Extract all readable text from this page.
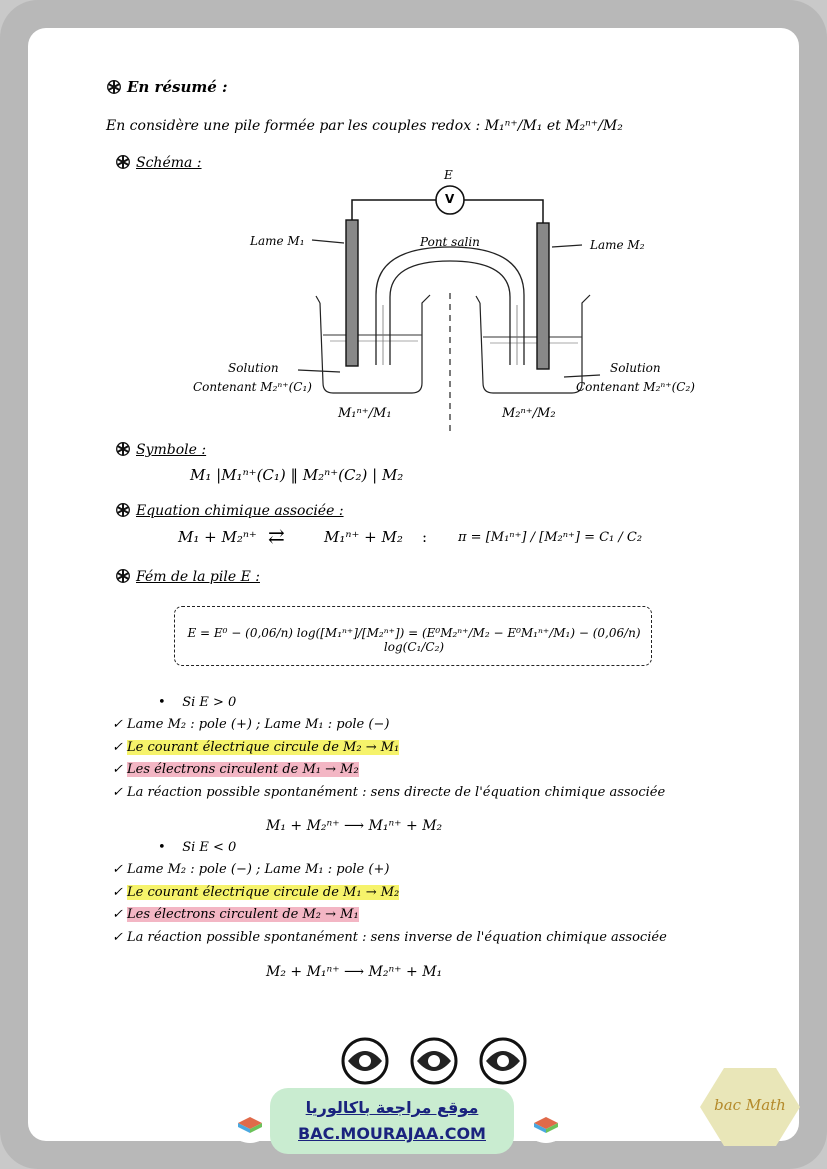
En résumé :
En considère une pile formée par les couples redox : M₁ⁿ⁺/M₁ et M₂ⁿ⁺/M₂
Schéma :
E
V
Lame M₁	Lame M₂
Pont salin
Solution
Contenant M₂ⁿ⁺(C₁)
Solution
Contenant M₂ⁿ⁺(C₂)
M₁ⁿ⁺/M₁	M₂ⁿ⁺/M₂
Symbole :
M₁ |M₁ⁿ⁺(C₁) ‖ M₂ⁿ⁺(C₂) | M₂
Equation chimique associée :
M₁ + M₂ⁿ⁺ ⇄	M₁ⁿ⁺ + M₂ : π = [M₁ⁿ⁺] / [M₂ⁿ⁺] = C₁ / C₂
Fém de la pile E :
E = E⁰ − (0,06/n) log([M₁ⁿ⁺]/[M₂ⁿ⁺]) = (E⁰M₂ⁿ⁺/M₂ − E⁰M₁ⁿ⁺/M₁) − (0,06/n) log(C₁/C₂)
•    Si E > 0
✓ Lame M₂ : pole (+) ; Lame M₁ : pole (−)
✓ Le courant électrique circule de M₂ → M₁
✓ Les électrons circulent de M₁ → M₂
✓ La réaction possible spontanément : sens directe de l'équation chimique associée
M₁ + M₂ⁿ⁺ ⟶ M₁ⁿ⁺ + M₂
•    Si E < 0
✓ Lame M₂ : pole (−) ; Lame M₁ : pole (+)
✓ Le courant électrique circule de M₁ → M₂
✓ Les électrons circulent de M₂ → M₁
✓ La réaction possible spontanément : sens inverse de l'équation chimique associée
M₂ + M₁ⁿ⁺ ⟶ M₂ⁿ⁺ + M₁
موقع مراجعة باكالوريا
BAC.MOURAJAA.COM
bac Math
